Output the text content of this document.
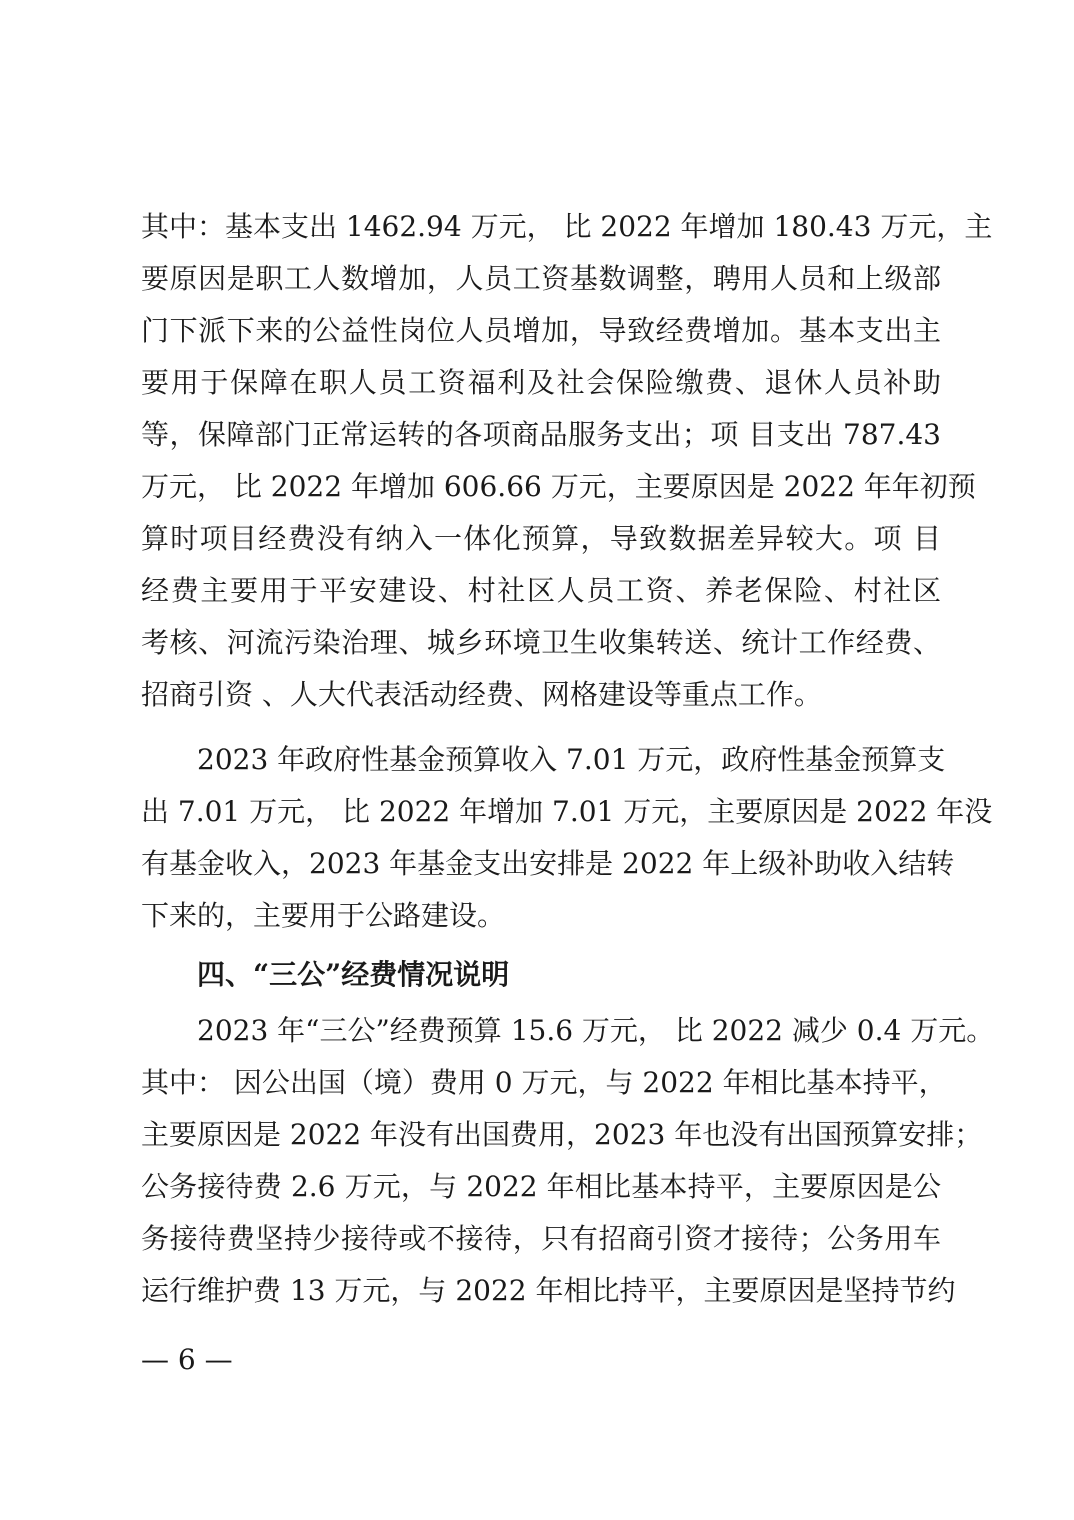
其中：基本支出 1462.94 万元， 比 2022 年增加 180.43 万元，主
要原因是职工人数增加，人员工资基数调整，聘用人员和上级部
门下派下来的公益性岗位人员增加，导致经费增加。基本支出主
要用于保障在职人员工资福利及社会保险缴费、退休人员补助
等，保障部门正常运转的各项商品服务支出；项 目支出 787.43
万元， 比 2022 年增加 606.66 万元，主要原因是 2022 年年初预
算时项目经费没有纳入一体化预算，导致数据差异较大。项 目
经费主要用于平安建设、村社区人员工资、养老保险、村社区
考核、河流污染治理、城乡环境卫生收集转送、统计工作经费、
招商引资 、人大代表活动经费、网格建设等重点工作。
2023 年政府性基金预算收入 7.01 万元，政府性基金预算支
出 7.01 万元， 比 2022 年增加 7.01 万元，主要原因是 2022 年没
有基金收入，2023 年基金支出安排是 2022 年上级补助收入结转
下来的，主要用于公路建设。
四、“三公”经费情况说明
2023 年“三公”经费预算 15.6 万元， 比 2022 减少 0.4 万元。
其中： 因公出国（境）费用 0 万元，与 2022 年相比基本持平，
主要原因是 2022 年没有出国费用，2023 年也没有出国预算安排；
公务接待费 2.6 万元，与 2022 年相比基本持平，主要原因是公
务接待费坚持少接待或不接待，只有招商引资才接待；公务用车
运行维护费 13 万元，与 2022 年相比持平，主要原因是坚持节约
— 6 —
